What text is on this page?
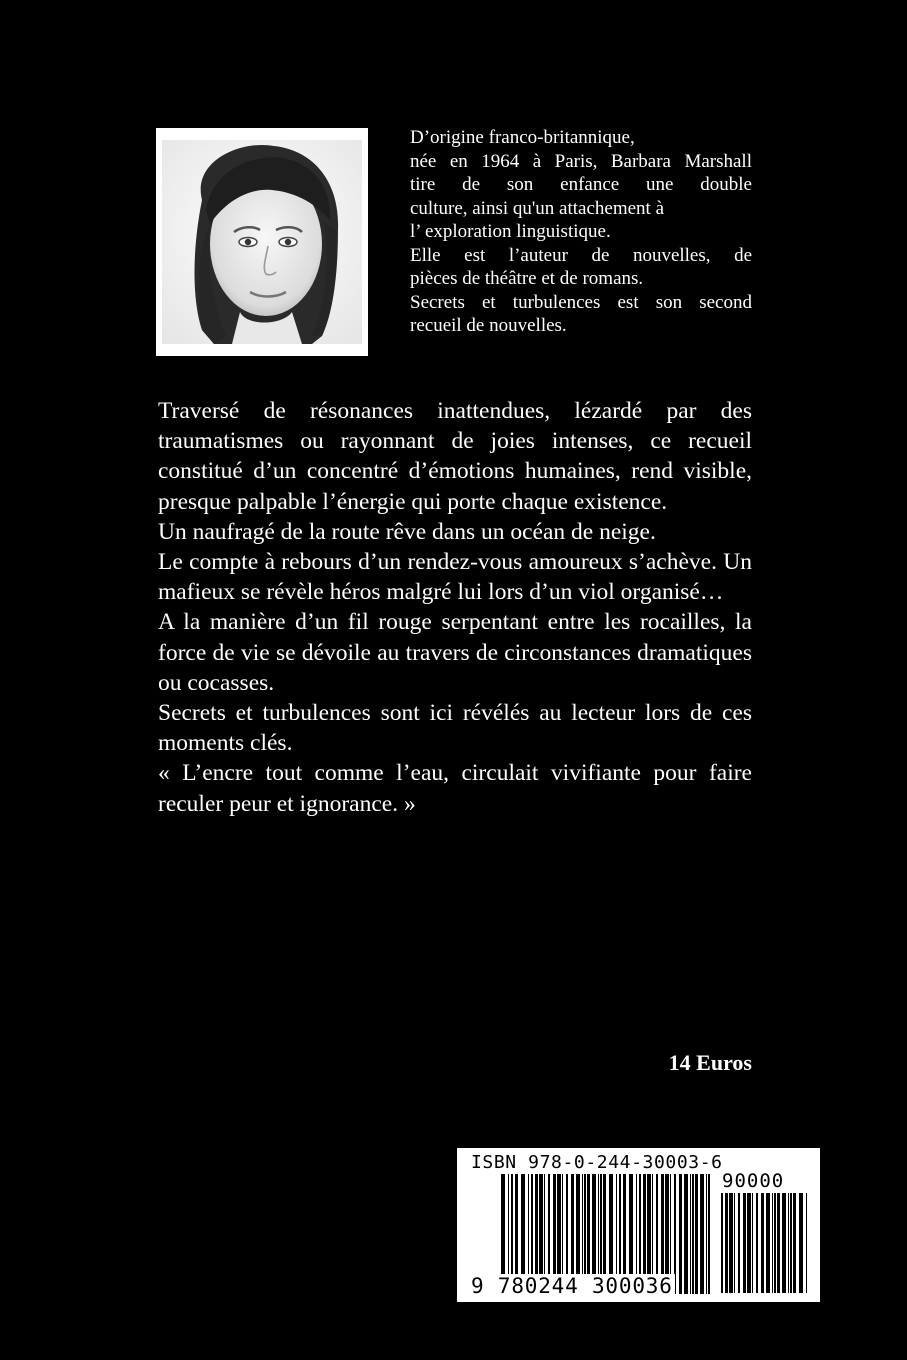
D’origine franco-britannique,

née en 1964 à Paris, Barbara Marshall

tire de son enfance une double

culture, ainsi qu'un attachement à

l’ exploration linguistique.

Elle est l’auteur de nouvelles, de

pièces de théâtre et de romans.

Secrets et turbulences est son second

recueil de nouvelles.

Traversé de résonances inattendues, lézardé par des traumatismes ou rayonnant de joies intenses, ce recueil constitué d’un concentré d’émotions humaines, rend visible, presque palpable l’énergie qui porte chaque existence.

Un naufragé de la route rêve dans un océan de neige.

Le compte à rebours d’un rendez-vous amoureux s’achève. Un mafieux se révèle héros malgré lui lors d’un viol organisé…

A la manière d’un fil rouge serpentant entre les rocailles, la force de vie se dévoile au travers de circonstances dramatiques ou cocasses.

Secrets et turbulences sont ici révélés au lecteur lors de ces moments clés.

« L’encre tout comme l’eau, circulait vivifiante pour faire reculer peur et ignorance. »

14 Euros
ISBN 978-0-244-30003-6
90000
9 780244 300036
